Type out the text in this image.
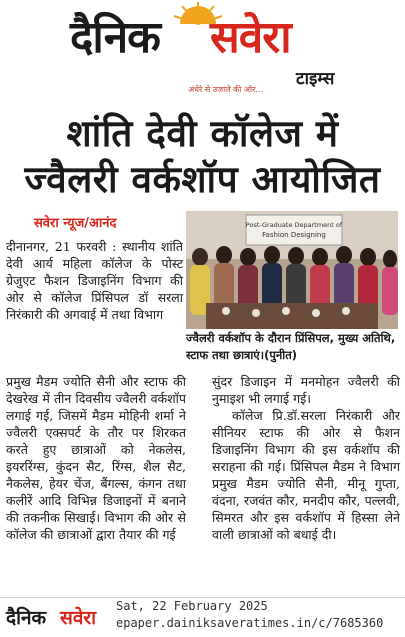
दैनिक सवेरा
टाइम्स
अंधेरे से उजाले की ओर...
शांति देवी कॉलेज में
ज्वैलरी वर्कशॉप आयोजित
सवेरा न्यूज/आनंद	Post-Graduate Department of
Fashion Designing
ज्वैलरी वर्कशॉप के दौरान प्रिंसिपल, मुख्य अतिथि, स्टाफ तथा छात्राएं।(पुनीत)

दीनानगर, 21 फरवरी : स्थानीय शांति देवी आर्य महिला कॉलेज के पोस्ट ग्रेजुएट फैशन डिजाइनिंग विभाग की ओर से कॉलेज प्रिंसिपल डॉ सरला निरंकारी की अगवाई में तथा विभाग

प्रमुख मैडम ज्योति सैनी और स्टाफ की देखरेख में तीन दिवसीय ज्वैलरी वर्कशॉप लगाई गई, जिसमें मैडम मोहिनी शर्मा ने ज्वैलरी एक्सपर्ट के तौर पर शिरकत करते हुए छात्राओं को नेकलेस, इयररिंग्स, कुंदन सैट, रिंग्स, शैल सैट, नैकलेस, हेयर चेंज, बैंगल्स, कंगन तथा कलीरें आदि विभिन्न डिजाइनों में बनाने की तकनीक सिखाई। विभाग की ओर से कॉलेज की छात्राओं द्वारा तैयार की गई

सुंदर डिजाइन में मनमोहन ज्वैलरी की नुमाइश भी लगाई गई।

कॉलेज प्रि.डॉ.सरला निरंकारी और सीनियर स्टाफ की ओर से फैशन डिजाइनिंग विभाग की इस वर्कशॉप की सराहना की गई। प्रिंसिपल मैडम ने विभाग प्रमुख मैडम ज्योति सैनी, मीनू गुप्ता, वंदना, रजवंत कौर, मनदीप कौर, पल्लवी, सिमरत और इस वर्कशॉप में हिस्सा लेने वाली छात्राओं को बधाई दी।

दैनिक सवेरा
Sat, 22 February 2025
epaper.dainiksaveratimes.in/c/7685360
